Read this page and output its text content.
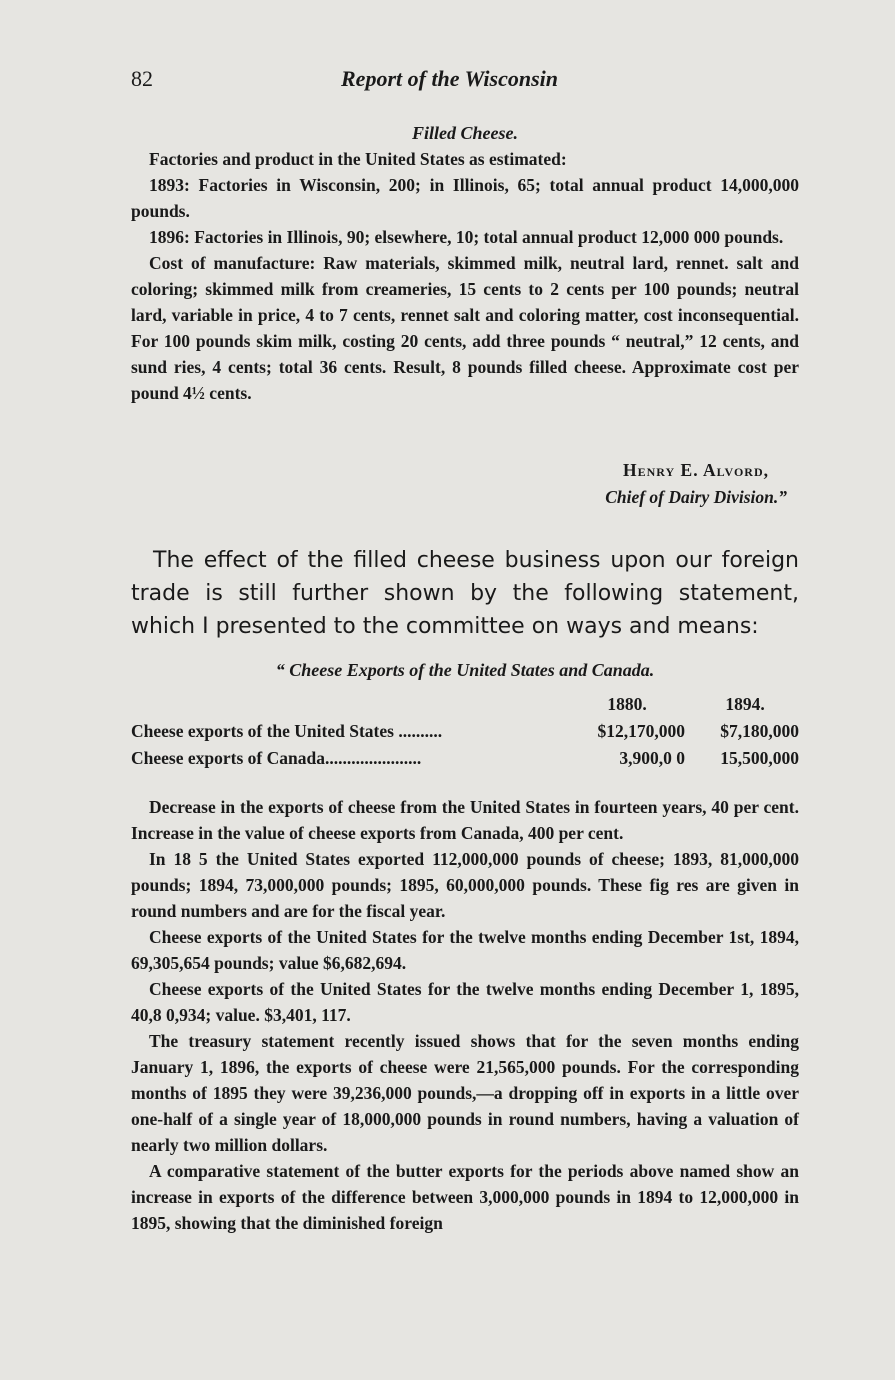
82	Report of the Wisconsin
Filled Cheese.

Factories and product in the United States as estimated:

1893: Factories in Wisconsin, 200; in Illinois, 65; total annual product 14,000,000 pounds.

1896: Factories in Illinois, 90; elsewhere, 10; total annual product 12,000 000 pounds.

Cost of manufacture: Raw materials, skimmed milk, neutral lard, rennet. salt and coloring; skimmed milk from creameries, 15 cents to 2 cents per 100 pounds; neutral lard, variable in price, 4 to 7 cents, rennet salt and coloring matter, cost inconsequential. For 100 pounds skim milk, costing 20 cents, add three pounds “ neutral,” 12 cents, and sund ries, 4 cents; total 36 cents. Result, 8 pounds filled cheese. Approximate cost per pound 4½ cents.

Henry E. Alvord,
Chief of Dairy Division.”

The effect of the filled cheese business upon our foreign trade is still further shown by the following statement, which I presented to the committee on ways and means:

“ Cheese Exports of the United States and Canada.
1880.	1894.
Cheese exports of the United States ..........	$12,170,000	$7,180,000
Cheese exports of Canada......................	3,900,0 0	15,500,000

Decrease in the exports of cheese from the United States in fourteen years, 40 per cent. Increase in the value of cheese exports from Canada, 400 per cent.

In 18 5 the United States exported 112,000,000 pounds of cheese; 1893, 81,000,000 pounds; 1894, 73,000,000 pounds; 1895, 60,000,000 pounds. These fig res are given in round numbers and are for the fiscal year.

Cheese exports of the United States for the twelve months ending December 1st, 1894, 69,305,654 pounds; value $6,682,694.

Cheese exports of the United States for the twelve months ending December 1, 1895, 40,8 0,934; value. $3,401, 117.

The treasury statement recently issued shows that for the seven months ending January 1, 1896, the exports of cheese were 21,565,000 pounds. For the corresponding months of 1895 they were 39,236,000 pounds,—a dropping off in exports in a little over one-half of a single year of 18,000,000 pounds in round numbers, having a valuation of nearly two million dollars.

A comparative statement of the butter exports for the periods above named show an increase in exports of the difference between 3,000,000 pounds in 1894 to 12,000,000 in 1895, showing that the diminished foreign
